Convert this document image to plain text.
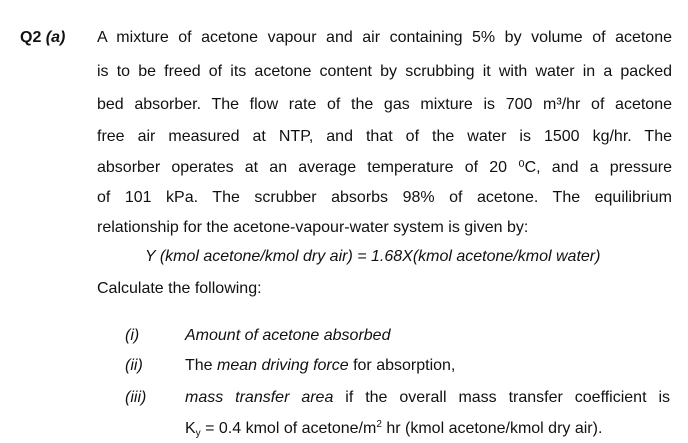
Q2 (a) A mixture of acetone vapour and air containing 5% by volume of acetone
is to be freed of its acetone content by scrubbing it with water in a packed
bed absorber. The flow rate of the gas mixture is 700 m³/hr of acetone
free air measured at NTP, and that of the water is 1500 kg/hr. The
absorber operates at an average temperature of 20 ⁰C, and a pressure
of 101 kPa. The scrubber absorbs 98% of acetone. The equilibrium
relationship for the acetone-vapour-water system is given by:
Y (kmol acetone/kmol dry air) = 1.68X(kmol acetone/kmol water)
Calculate the following:
(i)	Amount of acetone absorbed
(ii)	The mean driving force for absorption,
(iii) mass transfer area if the overall mass transfer coefficient is
$K_y = 0.4$ kmol of acetone/$m^2$ hr (kmol acetone/kmol dry air).
